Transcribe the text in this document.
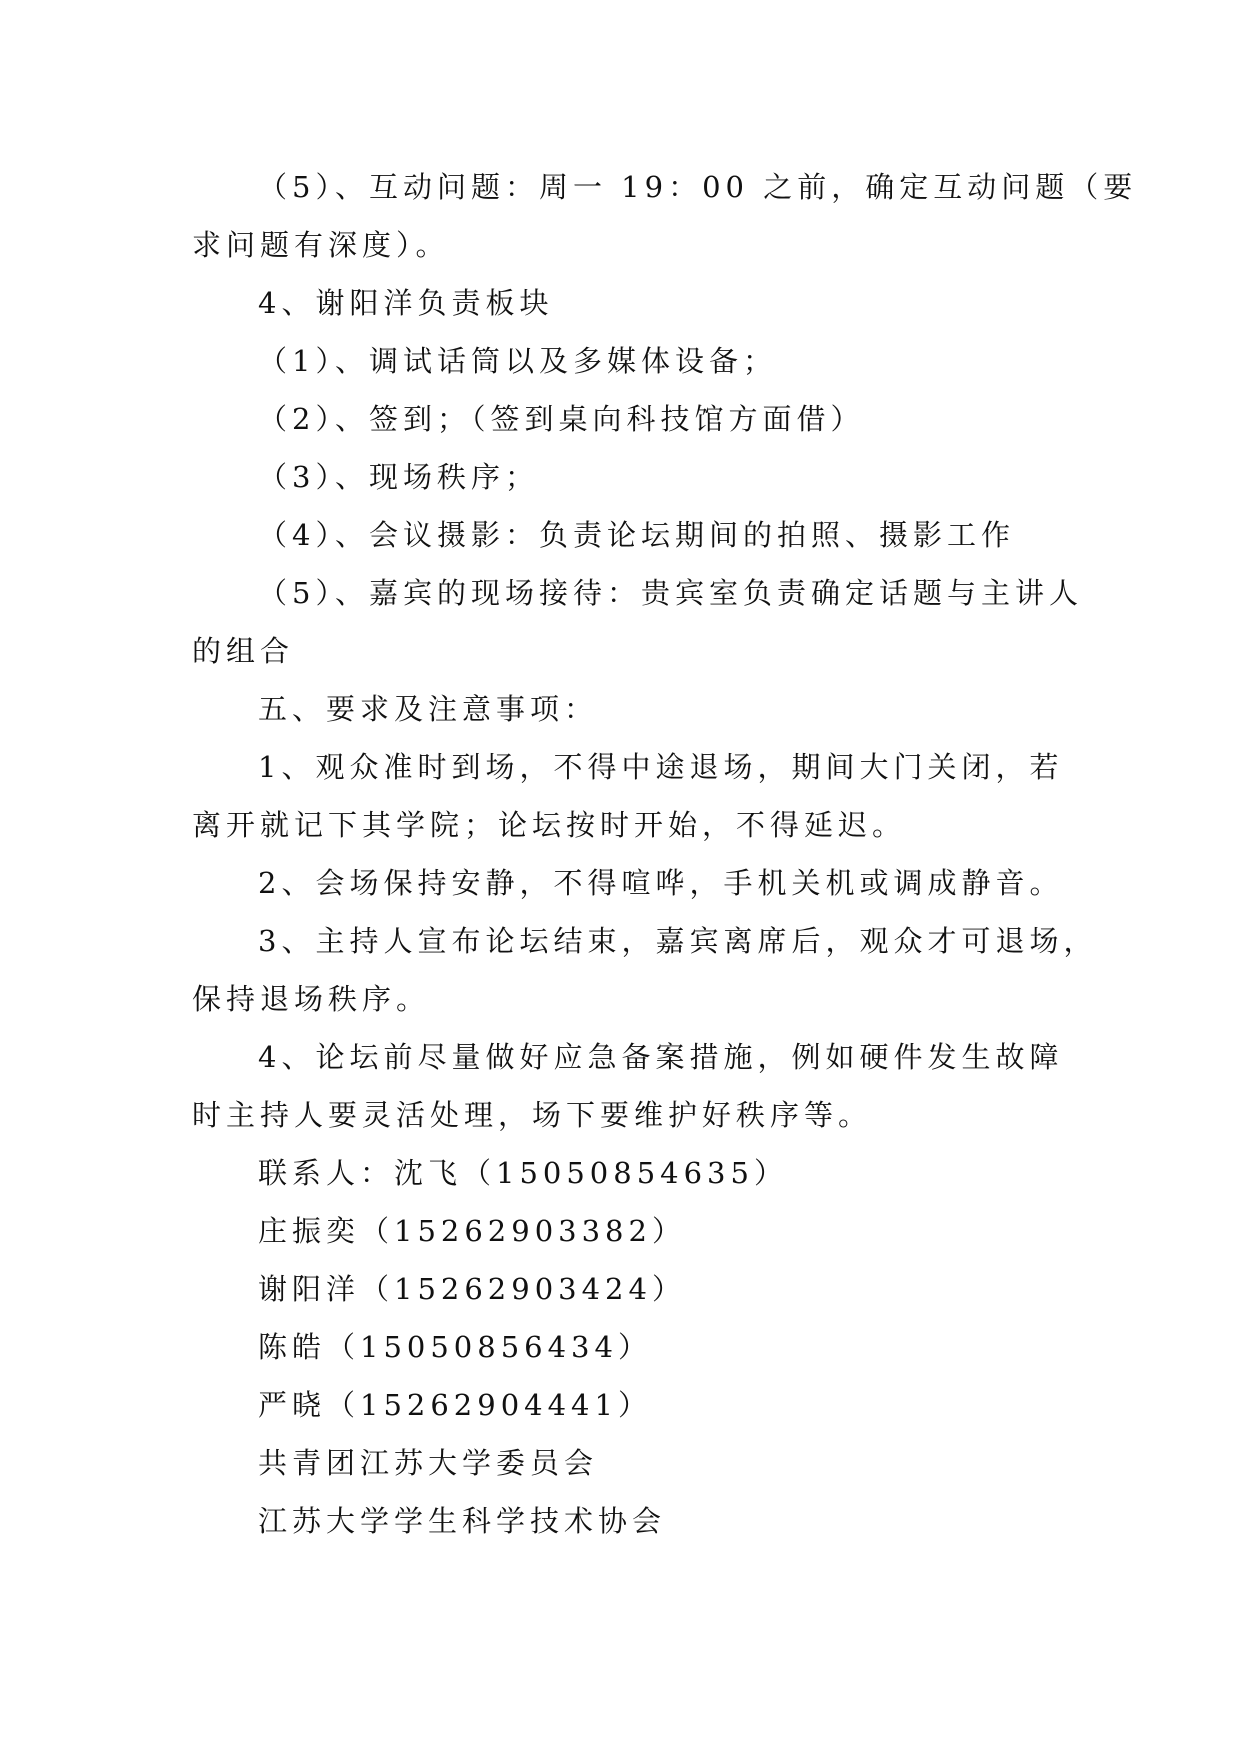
（5）、互动问题：周一 19：00 之前，确定互动问题（要
求问题有深度）。
4、谢阳洋负责板块
（1）、调试话筒以及多媒体设备；
（2）、签到；（签到桌向科技馆方面借）
（3）、现场秩序；
（4）、会议摄影：负责论坛期间的拍照、摄影工作
（5）、嘉宾的现场接待：贵宾室负责确定话题与主讲人
的组合
五、要求及注意事项：
1、观众准时到场，不得中途退场，期间大门关闭，若
离开就记下其学院；论坛按时开始，不得延迟。
2、会场保持安静，不得喧哗，手机关机或调成静音。
3、主持人宣布论坛结束，嘉宾离席后，观众才可退场，
保持退场秩序。
4、论坛前尽量做好应急备案措施，例如硬件发生故障
时主持人要灵活处理，场下要维护好秩序等。
联系人：沈飞（15050854635）
庄振奕（15262903382）
谢阳洋（15262903424）
陈皓（15050856434）
严晓（15262904441）
共青团江苏大学委员会
江苏大学学生科学技术协会
